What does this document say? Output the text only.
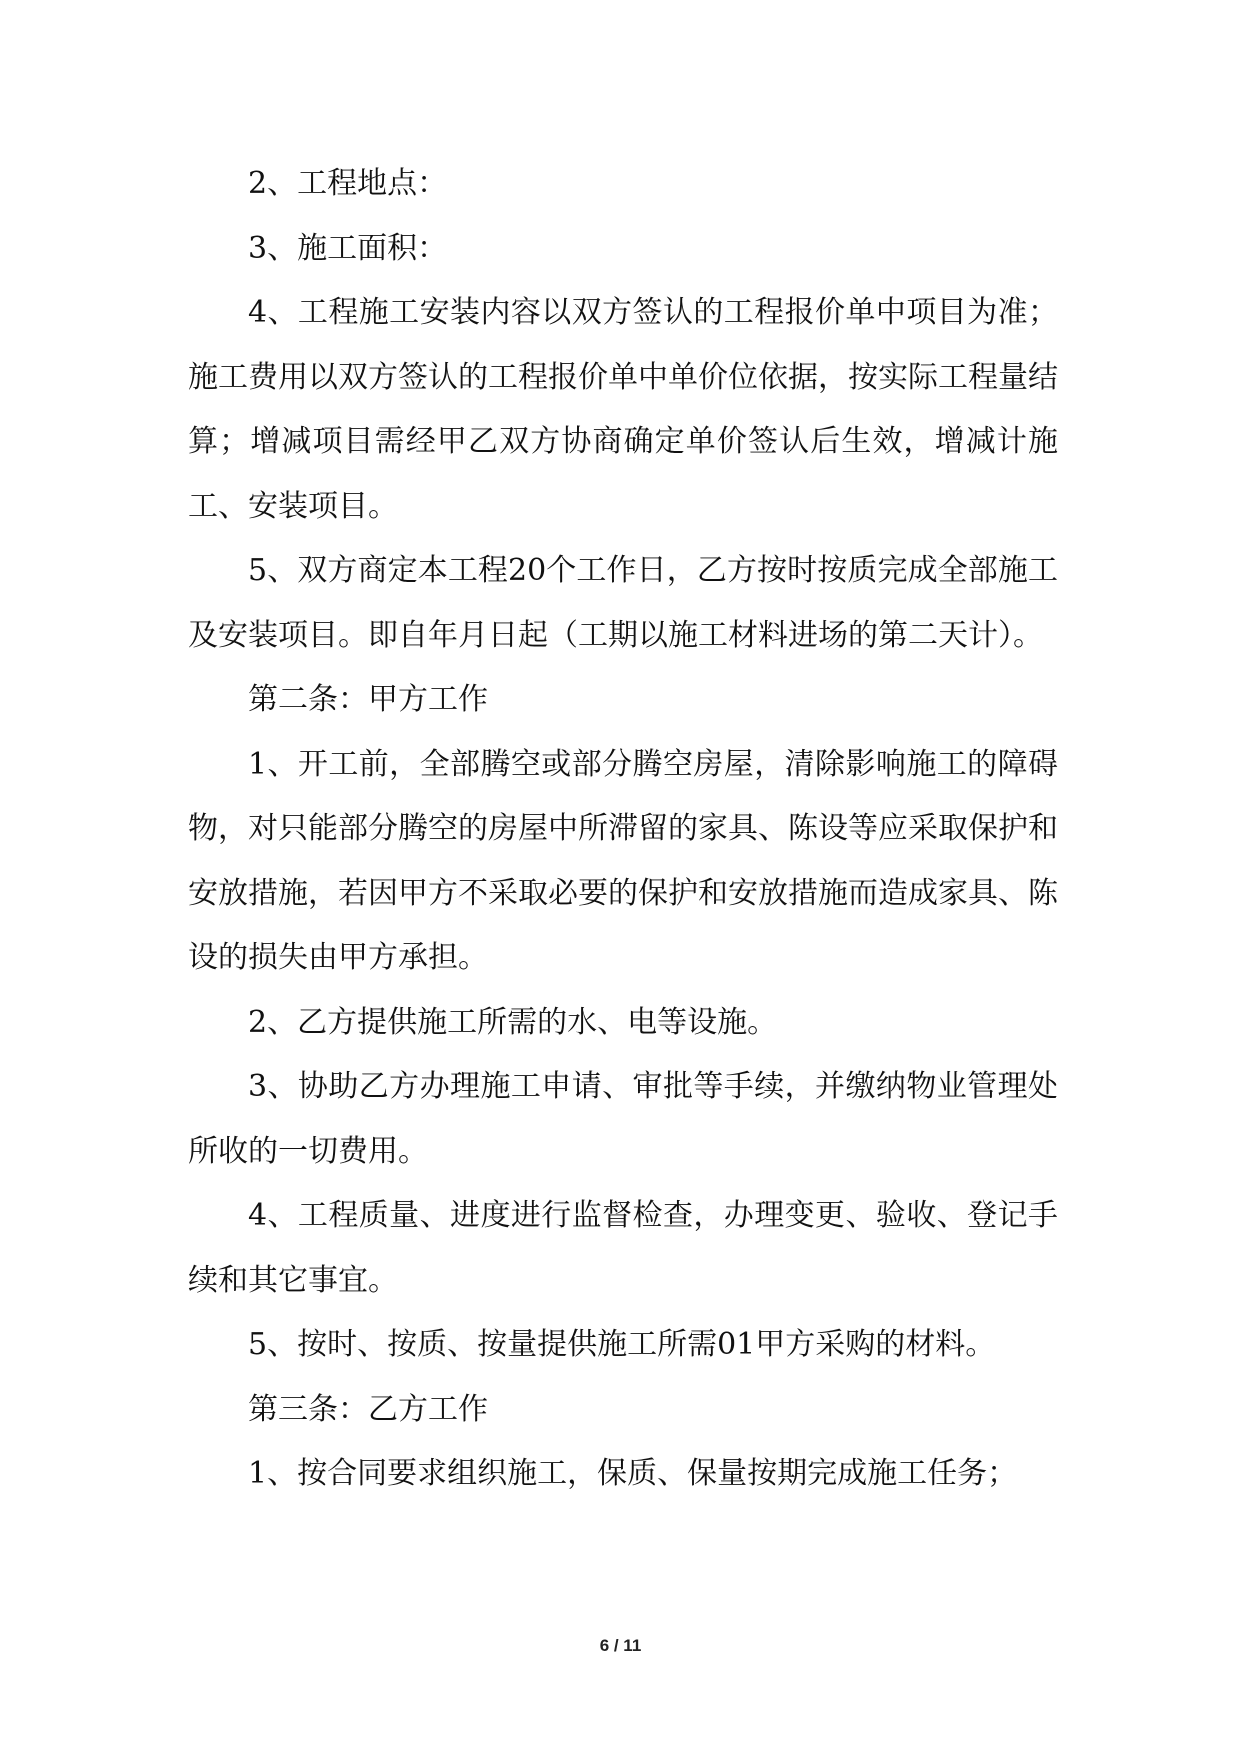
2、工程地点：

3、施工面积：

4、工程施工安装内容以双方签认的工程报价单中项目为准；施工费用以双方签认的工程报价单中单价位依据，按实际工程量结算；增减项目需经甲乙双方协商确定单价签认后生效，增减计施工、安装项目。

5、双方商定本工程20个工作日，乙方按时按质完成全部施工及安装项目。即自年月日起（工期以施工材料进场的第二天计）。

第二条：甲方工作

1、开工前，全部腾空或部分腾空房屋，清除影响施工的障碍物，对只能部分腾空的房屋中所滞留的家具、陈设等应采取保护和安放措施，若因甲方不采取必要的保护和安放措施而造成家具、陈设的损失由甲方承担。

2、乙方提供施工所需的水、电等设施。

3、协助乙方办理施工申请、审批等手续，并缴纳物业管理处所收的一切费用。

4、工程质量、进度进行监督检查，办理变更、验收、登记手续和其它事宜。

5、按时、按质、按量提供施工所需01甲方采购的材料。

第三条：乙方工作

1、按合同要求组织施工，保质、保量按期完成施工任务；

6 / 11
